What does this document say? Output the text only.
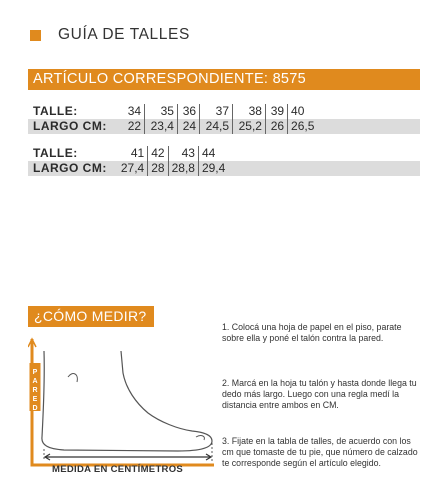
GUÍA DE TALLES
ARTÍCULO CORRESPONDIENTE: 8575
TALLE:	34	35	36	37	38	39	40	
LARGO CM:	22	23,4	24	24,5	25,2	26	26,5	
TALLE:	41	42	43	44	
LARGO CM:	27,4	28	28,8	29,4	
¿CÓMO MEDIR?
P
A
R
E
D
MEDIDA EN CENTÍMETROS
1. Colocá una hoja de papel en el piso, parate sobre ella y poné el talón contra la pared.
2. Marcá en la hoja tu talón y hasta donde llega tu dedo más largo. Luego con una regla medí la distancia entre ambos en CM.
3. Fijate en la tabla de talles, de acuerdo con los cm que tomaste de tu pie, que número de calzado te corresponde según el artículo elegido.
